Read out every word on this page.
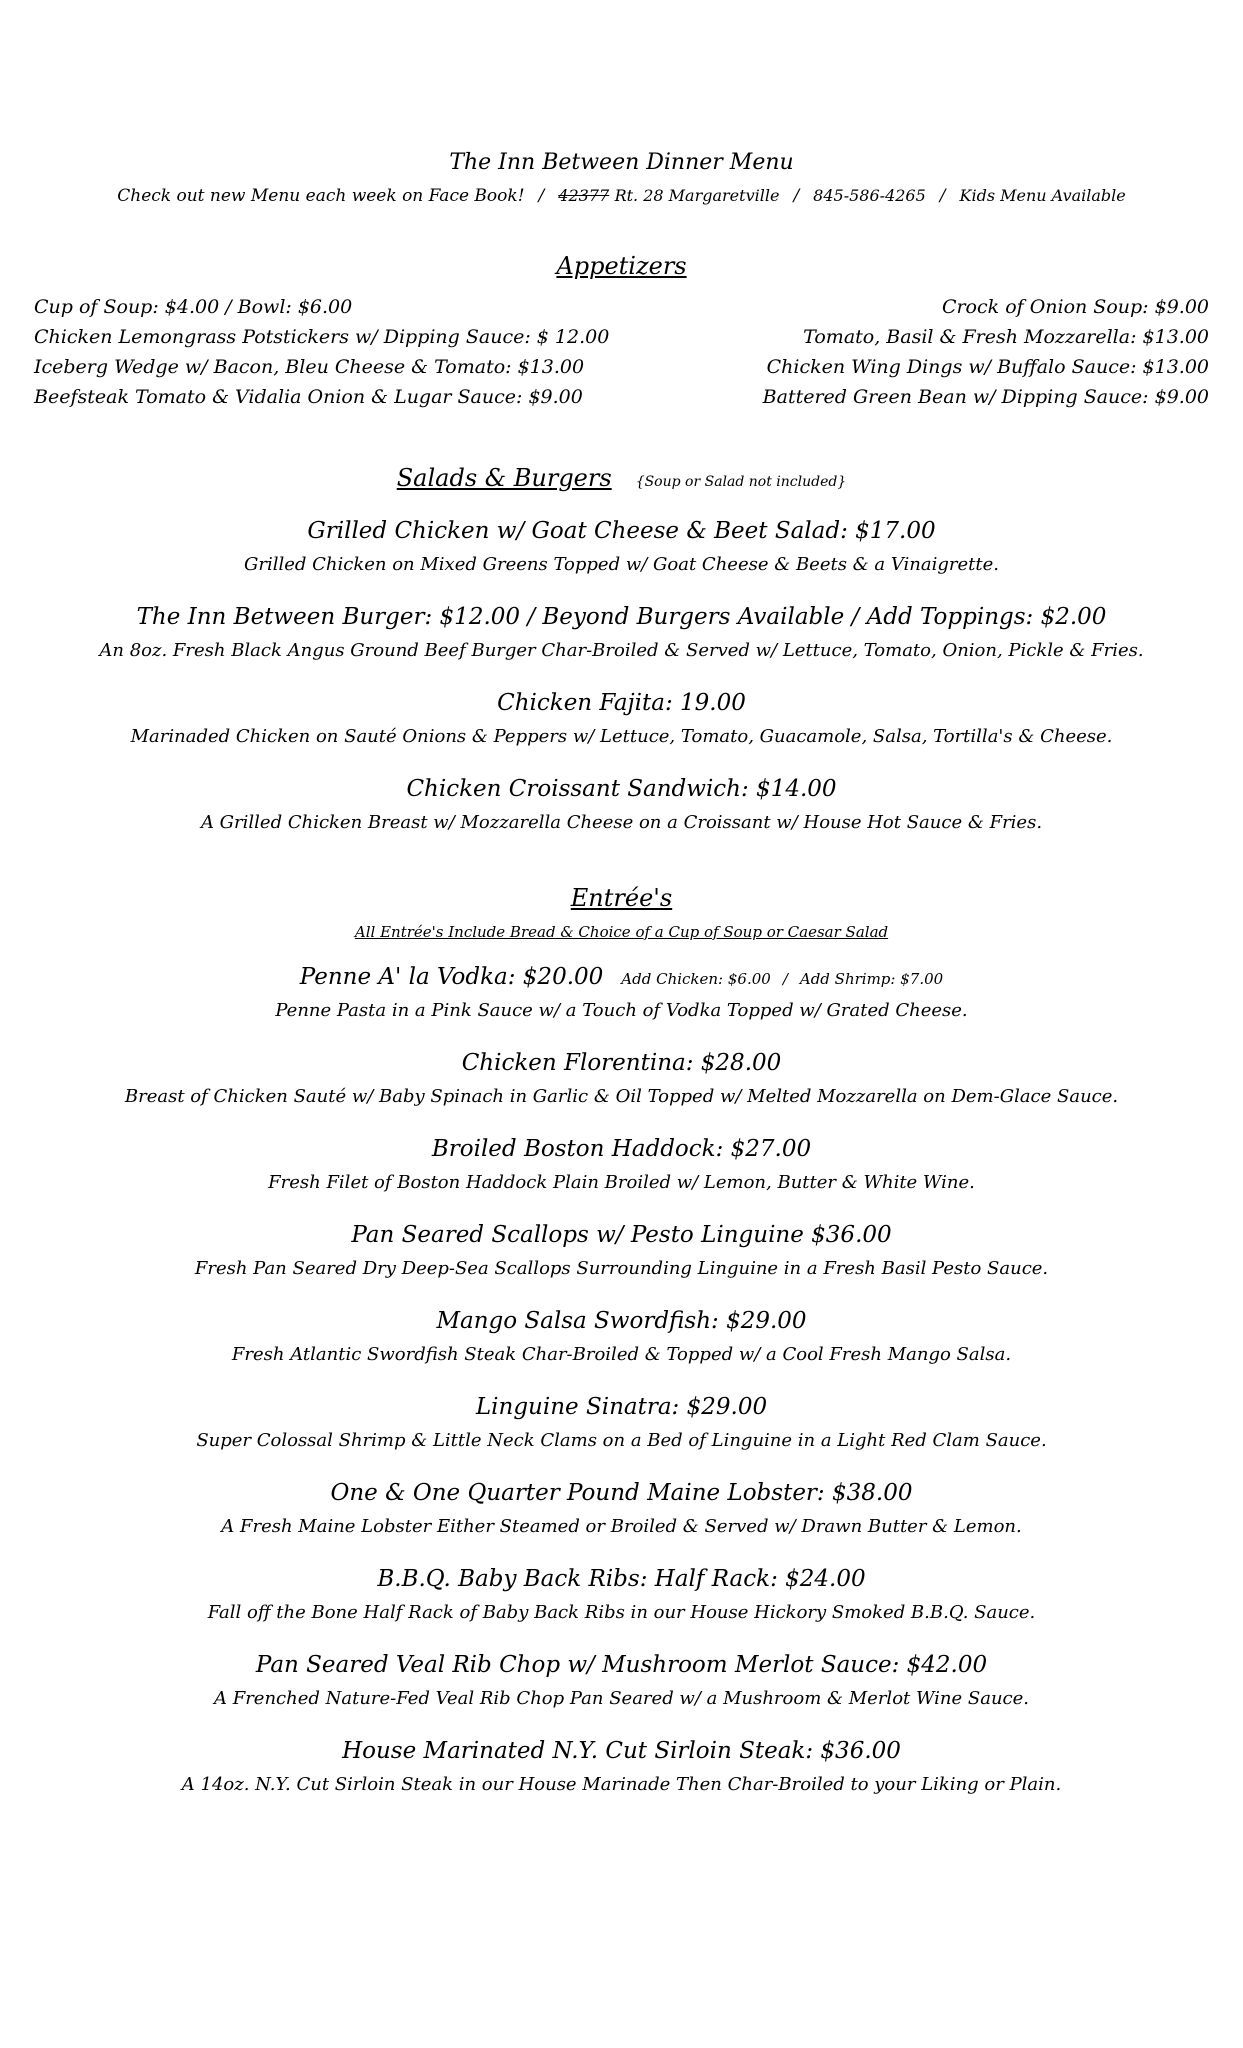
The Inn Between Dinner Menu
Check out new Menu each week on Face Book! / 42377 Rt. 28 Margaretville / 845-586-4265 / Kids Menu Available
Appetizers
Cup of Soup: $4.00 / Bowl: $6.00
Chicken Lemongrass Potstickers w/ Dipping Sauce: $ 12.00
Iceberg Wedge w/ Bacon, Bleu Cheese & Tomato: $13.00
Beefsteak Tomato & Vidalia Onion & Lugar Sauce: $9.00
Crock of Onion Soup: $9.00
Tomato, Basil & Fresh Mozzarella: $13.00
Chicken Wing Dings w/ Buffalo Sauce: $13.00
Battered Green Bean w/ Dipping Sauce: $9.00
Salads & Burgers {Soup or Salad not included}
Grilled Chicken w/ Goat Cheese & Beet Salad: $17.00
Grilled Chicken on Mixed Greens Topped w/ Goat Cheese & Beets & a Vinaigrette.
The Inn Between Burger: $12.00 / Beyond Burgers Available / Add Toppings: $2.00
An 8oz. Fresh Black Angus Ground Beef Burger Char-Broiled & Served w/ Lettuce, Tomato, Onion, Pickle & Fries.
Chicken Fajita: 19.00
Marinaded Chicken on Sauté Onions & Peppers w/ Lettuce, Tomato, Guacamole, Salsa, Tortilla's & Cheese.
Chicken Croissant Sandwich: $14.00
A Grilled Chicken Breast w/ Mozzarella Cheese on a Croissant w/ House Hot Sauce & Fries.
Entrée's
All Entrée's Include Bread & Choice of a Cup of Soup or Caesar Salad
Penne A' la Vodka: $20.00 Add Chicken: $6.00 / Add Shrimp: $7.00
Penne Pasta in a Pink Sauce w/ a Touch of Vodka Topped w/ Grated Cheese.
Chicken Florentina: $28.00
Breast of Chicken Sauté w/ Baby Spinach in Garlic & Oil Topped w/ Melted Mozzarella on Dem-Glace Sauce.
Broiled Boston Haddock: $27.00
Fresh Filet of Boston Haddock Plain Broiled w/ Lemon, Butter & White Wine.
Pan Seared Scallops w/ Pesto Linguine $36.00
Fresh Pan Seared Dry Deep-Sea Scallops Surrounding Linguine in a Fresh Basil Pesto Sauce.
Mango Salsa Swordfish: $29.00
Fresh Atlantic Swordfish Steak Char-Broiled & Topped w/ a Cool Fresh Mango Salsa.
Linguine Sinatra: $29.00
Super Colossal Shrimp & Little Neck Clams on a Bed of Linguine in a Light Red Clam Sauce.
One & One Quarter Pound Maine Lobster: $38.00
A Fresh Maine Lobster Either Steamed or Broiled & Served w/ Drawn Butter & Lemon.
B.B.Q. Baby Back Ribs: Half Rack: $24.00
Fall off the Bone Half Rack of Baby Back Ribs in our House Hickory Smoked B.B.Q. Sauce.
Pan Seared Veal Rib Chop w/ Mushroom Merlot Sauce: $42.00
A Frenched Nature-Fed Veal Rib Chop Pan Seared w/ a Mushroom & Merlot Wine Sauce.
House Marinated N.Y. Cut Sirloin Steak: $36.00
A 14oz. N.Y. Cut Sirloin Steak in our House Marinade Then Char-Broiled to your Liking or Plain.
